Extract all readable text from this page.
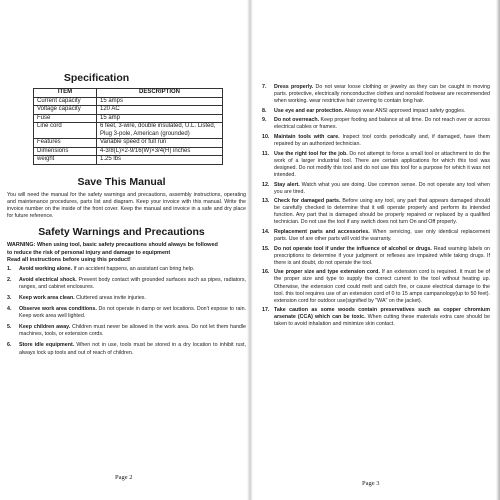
Specification
ITEM	DESCRIPTION
Current capacity	15 amps
Voltage capacity	120 AC
Fuse	15 amp
Line cord	6 feet, 3-wire, double insulated, U.L. Listed,
Plug 3-pole, American (grounded)
Features	Variable speed or full run
Dimensions	4-3/8(L)×2-9/16(W)×3/4(H) inches
weight	1.25 lbs
Save This Manual

You will need the manual for the safety warnings and precautions, assembly instructions, operating and maintenance procedures, parts list and diagram. Keep your invoice with this manual. Write the invoice number on the inside of the front cover. Keep the manual and invoice in a safe and dry place for future reference.

Safety Warnings and Precautions

WARNING: When using tool, basic safety precautions should always be followed

to reduce the risk of personal injury and damage to equipment

Read all instructions before using this product!

1. Avoid working alone. If an accident happens, an assistant can bring help.
2. Avoid electrical shock. Prevent body contact with grounded surfaces such as pipes, radiators, ranges, and cabinet enclosures.
3. Keep work area clean. Cluttered areas invite injuries.
4. Observe work area conditions. Do not operate in damp or wet locations. Don't expose to rain. Keep work area well lighted.
5. Keep children away. Children must never be allowed in the work area. Do not let them handle machines, tools, or extension cords.
6. Store idle equipment. When not in use, tools must be stored in a dry location to inhibit rust, always lock up tools and out of reach of children.
Page 2
7. Dress properly. Do not wear loose clothing or jewelry as they can be caught in moving parts. protective, electrically nonconductive clothes and nonskid footwear are recommended when working. wear restrictive hair covering to contain long hair.
8. Use eye and ear protection. Always wear ANSI approved impact safety goggles.
9. Do not overreach. Keep proper footing and balance at all time. Do not reach over or across electrical cables or frames.
10. Maintain tools with care. Inspect tool cords periodically and, if damaged, have them repaired by an authorized technician.
11. Use the right tool for the job. Do not attempt to force a small tool or attachment to do the work of a larger industrial tool. There are certain applications for which this tool was designed. Do not modify this tool and do not use this tool for a purpose for which it was not intended.
12. Stay alert. Watch what you are doing. Use common sense. Do not operate any tool when you are tired.
13. Check for damaged parts. Before using any tool, any part that appears damaged should be carefully checked to determine that it will operate properly and perform its intended function. Any part that is damaged should be properly repaired or replaced by a qualified technician. Do not use the tool if any switch does not turn On and Off properly.
14. Replacement parts and accessories. When servicing, use only identical replacement parts. Use of are other parts will void the warranty.
15. Do not operate tool if under the influence of alcohol or drugs. Read warning labels on prescriptions to determine if your judgment or reflexes are impaired while taking drugs. If there is ant doubt, do not operate the tool.
16. Use proper size and type extension cord. If an extension cord is required. It must be of the proper size and type to supply the correct current to the tool without heating up. Otherwise, the extension cord could melt and catch fire, or cause electrical damage to the tool. this tool requires use of an extension cord of 0 to 15 amps campanology(up to 50 feet). extension cord for outdoor use(signified by "WA" on the jacket).
17. Take caution as some woods contain preservatives such as copper chromium arsenate (CCA) which can be toxic. When cutting these materials extra care should be taken to avoid inhalation and minimize skin contact.
Page 3
